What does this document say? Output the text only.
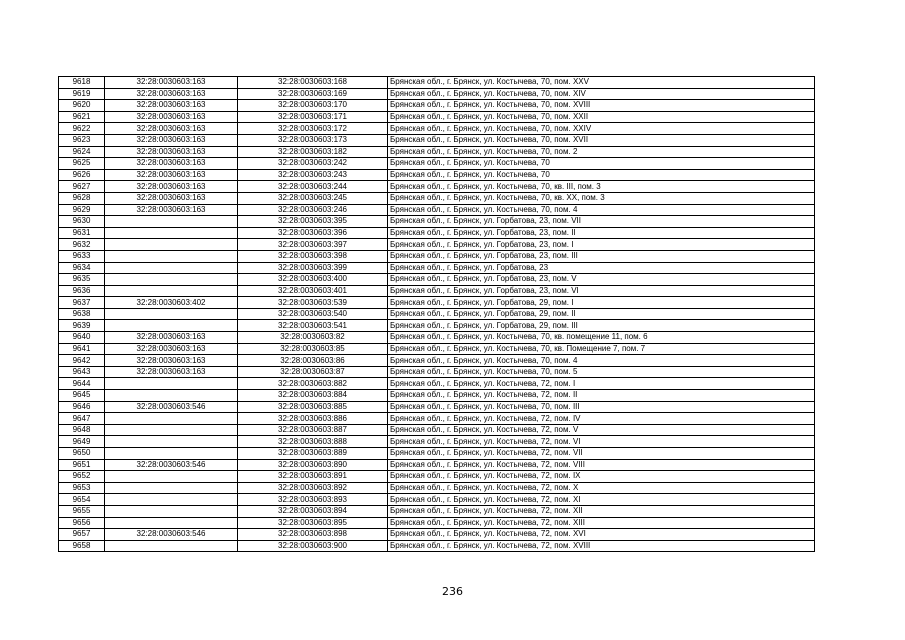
9618	32:28:0030603:163	32:28:0030603:168	Брянская обл., г. Брянск, ул. Костычева, 70, пом. XXV
9619	32:28:0030603:163	32:28:0030603:169	Брянская обл., г. Брянск, ул. Костычева, 70, пом. XIV
9620	32:28:0030603:163	32:28:0030603:170	Брянская обл., г. Брянск, ул. Костычева, 70, пом. XVIII
9621	32:28:0030603:163	32:28:0030603:171	Брянская обл., г. Брянск, ул. Костычева, 70, пом. XXII
9622	32:28:0030603:163	32:28:0030603:172	Брянская обл., г. Брянск, ул. Костычева, 70, пом. XXIV
9623	32:28:0030603:163	32:28:0030603:173	Брянская обл., г. Брянск, ул. Костычева, 70, пом. XVII
9624	32:28:0030603:163	32:28:0030603:182	Брянская обл., г. Брянск, ул. Костычева, 70, пом. 2
9625	32:28:0030603:163	32:28:0030603:242	Брянская обл., г. Брянск, ул. Костычева, 70
9626	32:28:0030603:163	32:28:0030603:243	Брянская обл., г. Брянск, ул. Костычева, 70
9627	32:28:0030603:163	32:28:0030603:244	Брянская обл., г. Брянск, ул. Костычева, 70, кв. III, пом. 3
9628	32:28:0030603:163	32:28:0030603:245	Брянская обл., г. Брянск, ул. Костычева, 70, кв. XX, пом. 3
9629	32:28:0030603:163	32:28:0030603:246	Брянская обл., г. Брянск, ул. Костычева, 70, пом. 4
9630		32:28:0030603:395	Брянская обл., г. Брянск, ул. Горбатова, 23, пом. VII
9631		32:28:0030603:396	Брянская обл., г. Брянск, ул. Горбатова, 23, пом. II
9632		32:28:0030603:397	Брянская обл., г. Брянск, ул. Горбатова, 23, пом. I
9633		32:28:0030603:398	Брянская обл., г. Брянск, ул. Горбатова, 23, пом. III
9634		32:28:0030603:399	Брянская обл., г. Брянск, ул. Горбатова, 23
9635		32:28:0030603:400	Брянская обл., г. Брянск, ул. Горбатова, 23, пом. V
9636		32:28:0030603:401	Брянская обл., г. Брянск, ул. Горбатова, 23, пом. VI
9637	32:28:0030603:402	32:28:0030603:539	Брянская обл., г. Брянск, ул. Горбатова, 29, пом. I
9638		32:28:0030603:540	Брянская обл., г. Брянск, ул. Горбатова, 29, пом. II
9639		32:28:0030603:541	Брянская обл., г. Брянск, ул. Горбатова, 29, пом. III
9640	32:28:0030603:163	32:28:0030603:82	Брянская обл., г. Брянск, ул. Костычева, 70, кв. помещение 11, пом. 6
9641	32:28:0030603:163	32:28:0030603:85	Брянская обл., г. Брянск, ул. Костычева, 70, кв. Помещение 7, пом. 7
9642	32:28:0030603:163	32:28:0030603:86	Брянская обл., г. Брянск, ул. Костычева, 70, пом. 4
9643	32:28:0030603:163	32:28:0030603:87	Брянская обл., г. Брянск, ул. Костычева, 70, пом. 5
9644		32:28:0030603:882	Брянская обл., г. Брянск, ул. Костычева, 72, пом. I
9645		32:28:0030603:884	Брянская обл., г. Брянск, ул. Костычева, 72, пом. II
9646	32:28:0030603:546	32:28:0030603:885	Брянская обл., г. Брянск, ул. Костычева, 70, пом. III
9647		32:28:0030603:886	Брянская обл., г. Брянск, ул. Костычева, 72, пом. IV
9648		32:28:0030603:887	Брянская обл., г. Брянск, ул. Костычева, 72, пом. V
9649		32:28:0030603:888	Брянская обл., г. Брянск, ул. Костычева, 72, пом. VI
9650		32:28:0030603:889	Брянская обл., г. Брянск, ул. Костычева, 72, пом. VII
9651	32:28:0030603:546	32:28:0030603:890	Брянская обл., г. Брянск, ул. Костычева, 72, пом. VIII
9652		32:28:0030603:891	Брянская обл., г. Брянск, ул. Костычева, 72, пом. IX
9653		32:28:0030603:892	Брянская обл., г. Брянск, ул. Костычева, 72, пом. X
9654		32:28:0030603:893	Брянская обл., г. Брянск, ул. Костычева, 72, пом. XI
9655		32:28:0030603:894	Брянская обл., г. Брянск, ул. Костычева, 72, пом. XII
9656		32:28:0030603:895	Брянская обл., г. Брянск, ул. Костычева, 72, пом. XIII
9657	32:28:0030603:546	32:28:0030603:898	Брянская обл., г. Брянск, ул. Костычева, 72, пом. XVI
9658		32:28:0030603:900	Брянская обл., г. Брянск, ул. Костычева, 72, пом. XVIII
236
